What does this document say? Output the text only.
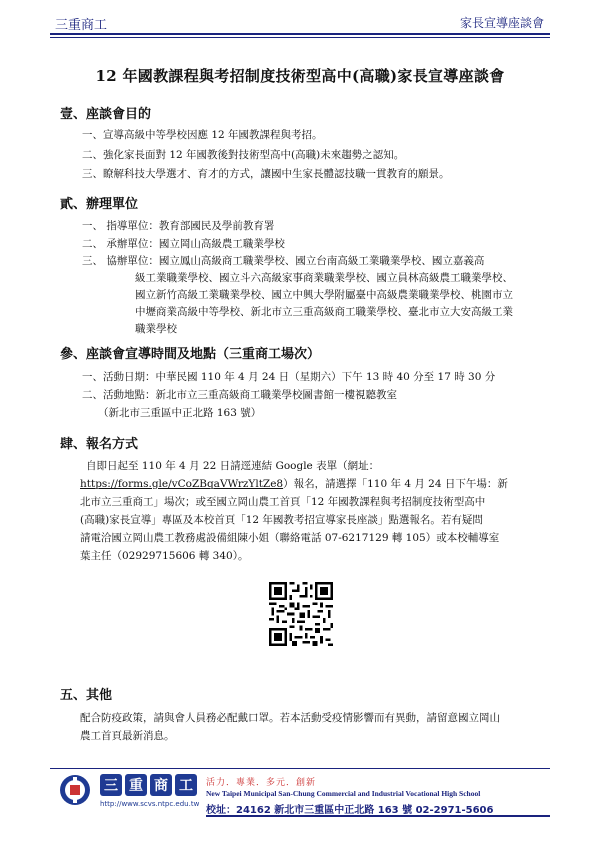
三重商工	家長宣導座談會
12 年國教課程與考招制度技術型高中(高職)家長宣導座談會
壹、座談會目的
一、宣導高級中等學校因應 12 年國教課程與考招。
二、強化家長面對 12 年國教後對技術型高中(高職)未來趨勢之認知。
三、瞭解科技大學選才、育才的方式，讓國中生家長體認技職一貫教育的願景。
貳、辦理單位
一、 指導單位：教育部國民及學前教育署
二、 承辦單位：國立岡山高級農工職業學校
三、 協辦單位：國立鳳山高級商工職業學校、國立台南高級工業職業學校、國立嘉義高
級工業職業學校、國立斗六高級家事商業職業學校、國立員林高級農工職業學校、
國立新竹高級工業職業學校、國立中興大學附屬臺中高級農業職業學校、桃園市立
中壢商業高級中等學校、新北市立三重高級商工職業學校、臺北市立大安高級工業
職業學校
參、座談會宣導時間及地點（三重商工場次）
一、活動日期：中華民國 110 年 4 月 24 日（星期六）下午 13 時 40 分至 17 時 30 分
二、活動地點：新北市立三重高級商工職業學校圖書館一樓視聽教室
（新北市三重區中正北路 163 號）
肆、報名方式
自即日起至 110 年 4 月 22 日請逕連結 Google 表單（網址：
https://forms.gle/vCoZBqaVWrzYltZe8）報名，請選擇「110 年 4 月 24 日下午場：新
北市立三重商工」場次；或至國立岡山農工首頁「12 年國教課程與考招制度技術型高中
(高職)家長宣導」專區及本校首頁「12 年國教考招宣導家長座談」點選報名。若有疑問
請電洽國立岡山農工教務處設備組陳小姐（聯絡電話 07-6217129 轉 105）或本校輔導室
葉主任（02929715606 轉 340）。
五、其他
配合防疫政策，請與會人員務必配戴口罩。若本活動受疫情影響而有異動，請留意國立岡山
農工首頁最新消息。
三 重 商 工
http://www.scvs.ntpc.edu.tw
活力．專業．多元．創新
New Taipei Municipal San-Chung Commercial and Industrial Vocational High School
校址：24162 新北市三重區中正北路 163 號 02-2971-5606
